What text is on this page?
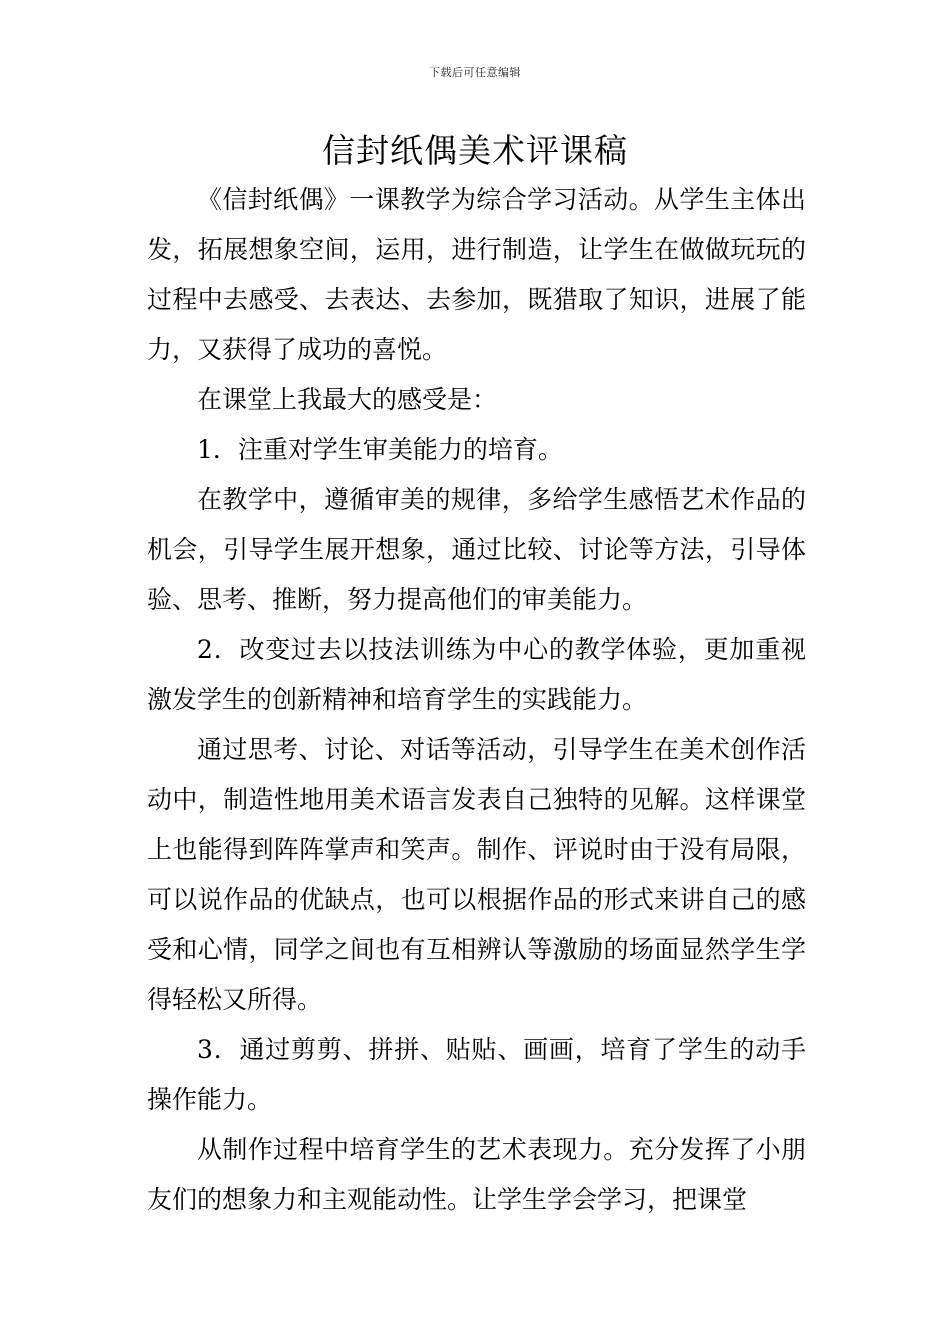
下载后可任意编辑
信封纸偶美术评课稿

《信封纸偶》一课教学为综合学习活动。从学生主体出发，拓展想象空间，运用，进行制造，让学生在做做玩玩的过程中去感受、去表达、去参加，既猎取了知识，进展了能力，又获得了成功的喜悦。

在课堂上我最大的感受是：

1．注重对学生审美能力的培育。

在教学中，遵循审美的规律，多给学生感悟艺术作品的机会，引导学生展开想象，通过比较、讨论等方法，引导体验、思考、推断，努力提高他们的审美能力。

2．改变过去以技法训练为中心的教学体验，更加重视激发学生的创新精神和培育学生的实践能力。

通过思考、讨论、对话等活动，引导学生在美术创作活动中，制造性地用美术语言发表自己独特的见解。这样课堂上也能得到阵阵掌声和笑声。制作、评说时由于没有局限，可以说作品的优缺点，也可以根据作品的形式来讲自己的感受和心情，同学之间也有互相辨认等激励的场面显然学生学得轻松又所得。

3．通过剪剪、拼拼、贴贴、画画，培育了学生的动手操作能力。

从制作过程中培育学生的艺术表现力。充分发挥了小朋友们的想象力和主观能动性。让学生学会学习，把课堂
